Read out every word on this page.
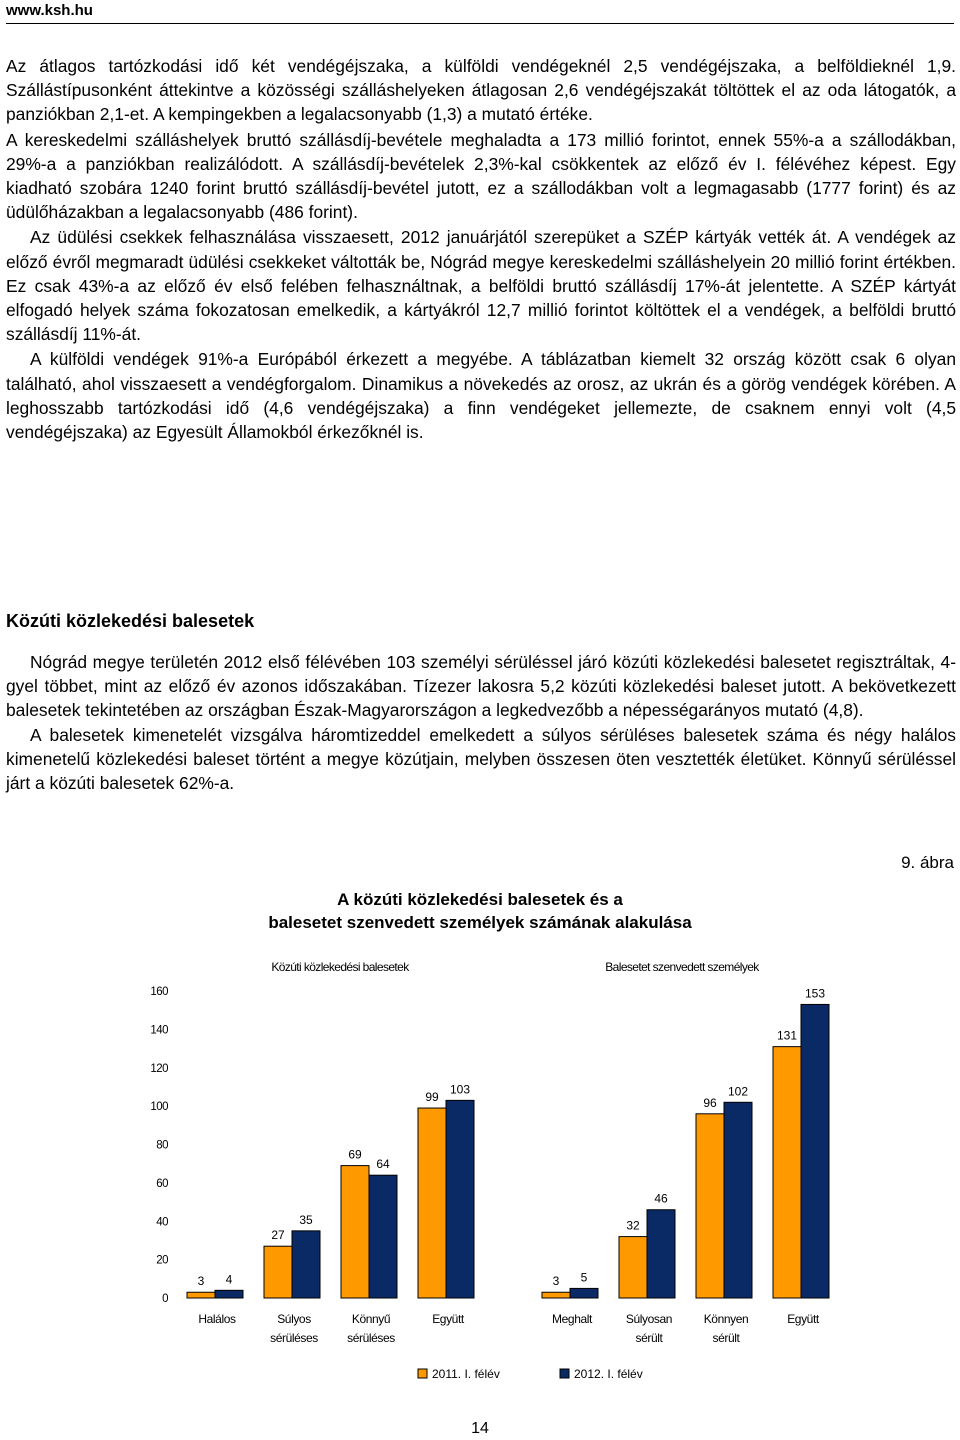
www.ksh.hu

Az átlagos tartózkodási idő két vendégéjszaka, a külföldi vendégeknél 2,5 vendégéjszaka, a belföldieknél 1,9. Szállástípusonként áttekintve a közösségi szálláshelyeken átlagosan 2,6 vendégéjszakát töltöttek el az oda látogatók, a panziókban 2,1-et. A kempingekben a legalacsonyabb (1,3) a mutató értéke.

A kereskedelmi szálláshelyek bruttó szállásdíj-bevétele meghaladta a 173 millió forintot, ennek 55%-a a szállodákban, 29%-a a panziókban realizálódott. A szállásdíj-bevételek 2,3%-kal csökkentek az előző év I. félévéhez képest. Egy kiadható szobára 1240 forint bruttó szállásdíj-bevétel jutott, ez a szállodákban volt a legmagasabb (1777 forint) és az üdülőházakban a legalacsonyabb (486 forint).

Az üdülési csekkek felhasználása visszaesett, 2012 januárjától szerepüket a SZÉP kártyák vették át. A vendégek az előző évről megmaradt üdülési csekkeket váltották be, Nógrád megye kereskedelmi szálláshelyein 20 millió forint értékben. Ez csak 43%-a az előző év első felében felhasználtnak, a belföldi bruttó szállásdíj 17%-át jelentette. A SZÉP kártyát elfogadó helyek száma fokozatosan emelkedik, a kártyákról 12,7 millió forintot költöttek el a vendégek, a belföldi bruttó szállásdíj 11%-át.

A külföldi vendégek 91%-a Európából érkezett a megyébe. A táblázatban kiemelt 32 ország között csak 6 olyan található, ahol visszaesett a vendégforgalom. Dinamikus a növekedés az orosz, az ukrán és a görög vendégek körében. A leghosszabb tartózkodási idő (4,6 vendégéjszaka) a finn vendégeket jellemezte, de csaknem ennyi volt (4,5 vendégéjszaka) az Egyesült Államokból érkezőknél is.

Közúti közlekedési balesetek

Nógrád megye területén 2012 első félévében 103 személyi sérüléssel járó közúti közlekedési balesetet regisztráltak, 4-gyel többet, mint az előző év azonos időszakában. Tízezer lakosra 5,2 közúti közlekedési baleset jutott. A bekövetkezett balesetek tekintetében az országban Észak-Magyarországon a legkedvezőbb a népességarányos mutató (4,8).

A balesetek kimenetelét vizsgálva háromtizeddel emelkedett a súlyos sérüléses balesetek száma és négy halálos kimenetelű közlekedési baleset történt a megye közútjain, melyben összesen öten vesztették életüket. Könnyű sérüléssel járt a közúti balesetek 62%-a.

9. ábra
A közúti közlekedési balesetek és a
balesetet szenvedett személyek számának alakulása
0
20
40
60
80
100
120
140
160
Közúti közlekedési balesetek
3 4
Halálos
27
35
Súlyos
sérüléses
69
64
Könnyű
sérüléses
99
103
Együtt
Balesetet szenvedett személyek
3 5
Meghalt
32
46
Súlyosan
sérült
96
102
Könnyen
sérült
131
153
Együtt
2011. I. félév	2012. I. félév
14
